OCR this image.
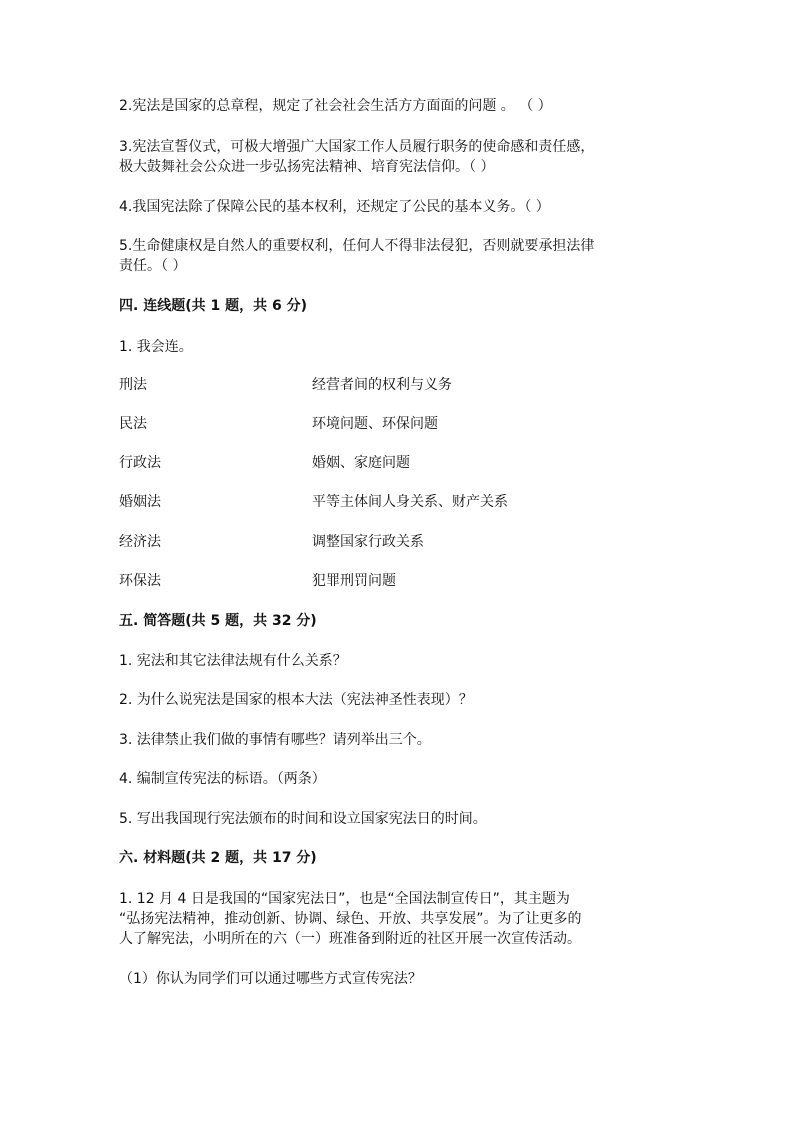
2.宪法是国家的总章程，规定了社会社会生活方方面面的问题 。 （ ）
3.宪法宣誓仪式，可极大增强广大国家工作人员履行职务的使命感和责任感，
极大鼓舞社会公众进一步弘扬宪法精神、培育宪法信仰。（ ）
4.我国宪法除了保障公民的基本权利，还规定了公民的基本义务。（ ）
5.生命健康权是自然人的重要权利，任何人不得非法侵犯，否则就要承担法律
责任。（ ）
四. 连线题(共 1 题，共 6 分)
1. 我会连。
刑法	经营者间的权利与义务
民法	环境问题、环保问题
行政法	婚姻、家庭问题
婚姻法	平等主体间人身关系、财产关系
经济法	调整国家行政关系
环保法	犯罪刑罚问题
五. 简答题(共 5 题，共 32 分)
1. 宪法和其它法律法规有什么关系？
2. 为什么说宪法是国家的根本大法（宪法神圣性表现）？
3. 法律禁止我们做的事情有哪些？请列举出三个。
4. 编制宣传宪法的标语。（两条）
5. 写出我国现行宪法颁布的时间和设立国家宪法日的时间。
六. 材料题(共 2 题，共 17 分)
1. 12 月 4 日是我国的“国家宪法日”，也是“全国法制宣传日”，其主题为
“弘扬宪法精神，推动创新、协调、绿色、开放、共享发展”。为了让更多的
人了解宪法，小明所在的六（一）班准备到附近的社区开展一次宣传活动。
（1）你认为同学们可以通过哪些方式宣传宪法？
